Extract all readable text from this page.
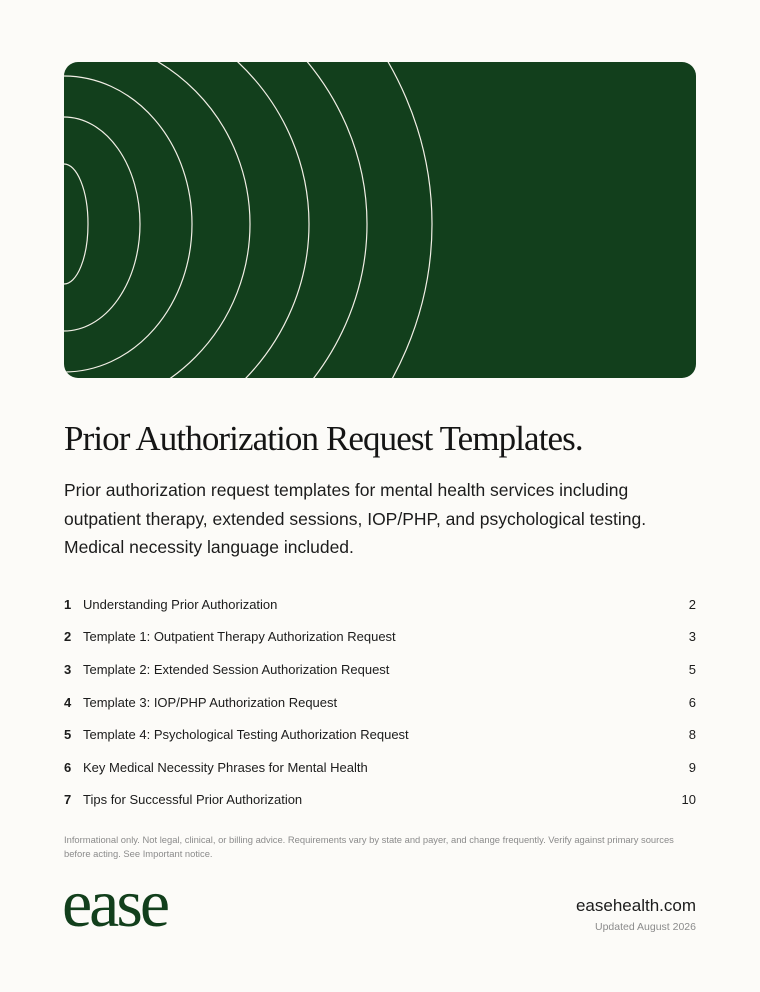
Prior Authorization Request Templates.
Prior authorization request templates for mental health services including outpatient therapy, extended sessions, IOP/PHP, and psychological testing. Medical necessity language included.
1 Understanding Prior Authorization	2
2 Template 1: Outpatient Therapy Authorization Request	3
3 Template 2: Extended Session Authorization Request	5
4 Template 3: IOP/PHP Authorization Request	6
5 Template 4: Psychological Testing Authorization Request	8
6 Key Medical Necessity Phrases for Mental Health	9
7 Tips for Successful Prior Authorization	10
Informational only. Not legal, clinical, or billing advice. Requirements vary by state and payer, and change frequently. Verify against primary sources before acting. See Important notice.
ease	easehealth.com
Updated August 2026
